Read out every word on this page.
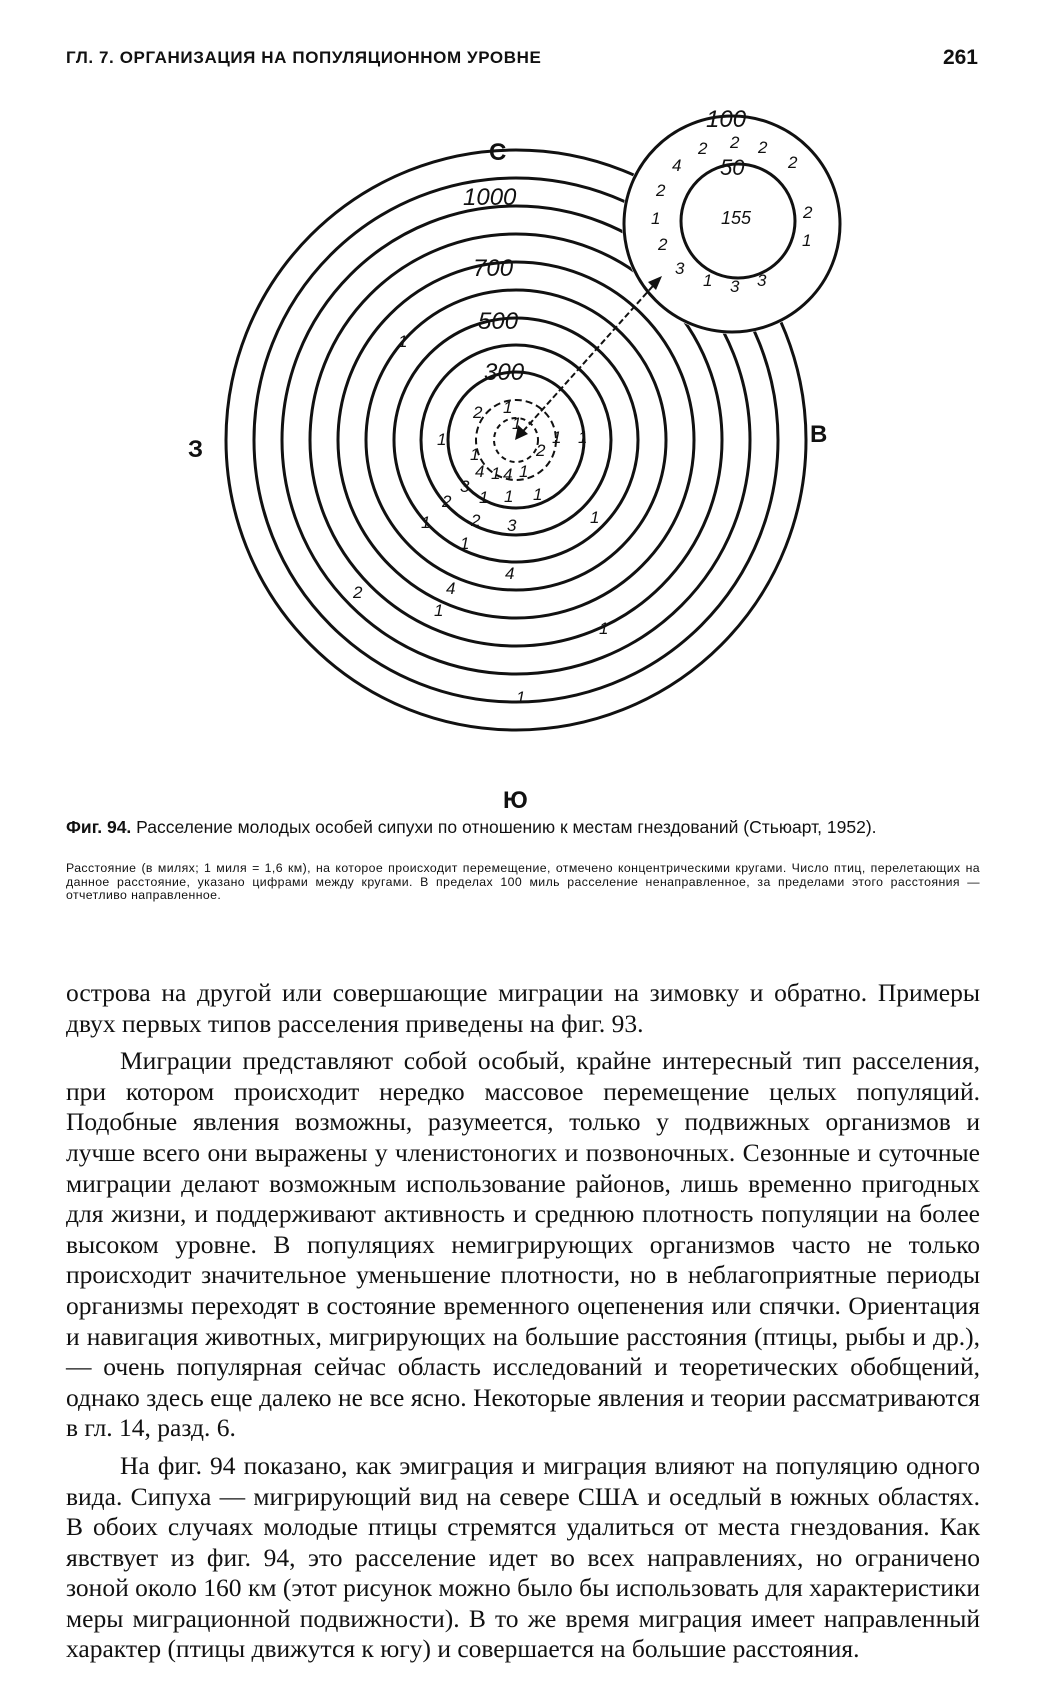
ГЛ. 7. ОРГАНИЗАЦИЯ НА ПОПУЛЯЦИОННОМ УРОВНЕ	261
С
Ю
З
В
1000
700
500
300
100
50
155
4
2 2 2
2
2
1
2
3
1 3 3
2
1
1
2 1
1
1	1 1
2
1
4 1 4 1
3
2 1 1 1
1
1 2 3
1
4
2	4
1
1
1
Фиг. 94. Расселение молодых особей сипухи по отношению к местам гнездований (Стьюарт, 1952).
Расстояние (в милях; 1 миля = 1,6 км), на которое происходит перемещение, отмечено концентрическими кругами. Число птиц, перелетающих на данное расстояние, указано цифрами между кругами. В пределах 100 миль расселение ненаправленное, за пределами этого расстояния — отчетливо направленное.

острова на другой или совершающие миграции на зимовку и обратно. Примеры двух первых типов расселения приведены на фиг. 93.

Миграции представляют собой особый, крайне интересный тип расселения, при котором происходит нередко массовое перемещение целых популяций. Подобные явления возможны, разумеется, только у подвижных организмов и лучше всего они выражены у членистоногих и позвоночных. Сезонные и суточные миграции делают возможным использование районов, лишь временно пригодных для жизни, и поддерживают активность и среднюю плотность популяции на более высоком уровне. В популяциях немигрирующих организмов часто не только происходит значительное уменьшение плотности, но в неблагоприятные периоды организмы переходят в состояние временного оцепенения или спячки. Ориентация и навигация животных, мигрирующих на большие расстояния (птицы, рыбы и др.), — очень популярная сейчас область исследований и теоретических обобщений, однако здесь еще далеко не все ясно. Некоторые явления и теории рассматриваются в гл. 14, разд. 6.

На фиг. 94 показано, как эмиграция и миграция влияют на популяцию одного вида. Сипуха — мигрирующий вид на севере США и оседлый в южных областях. В обоих случаях молодые птицы стремятся удалиться от места гнездования. Как явствует из фиг. 94, это расселение идет во всех направлениях, но ограничено зоной около 160 км (этот рисунок можно было бы использовать для характеристики меры миграционной подвижности). В то же время миграция имеет направленный характер (птицы движутся к югу) и совершается на большие расстояния.
